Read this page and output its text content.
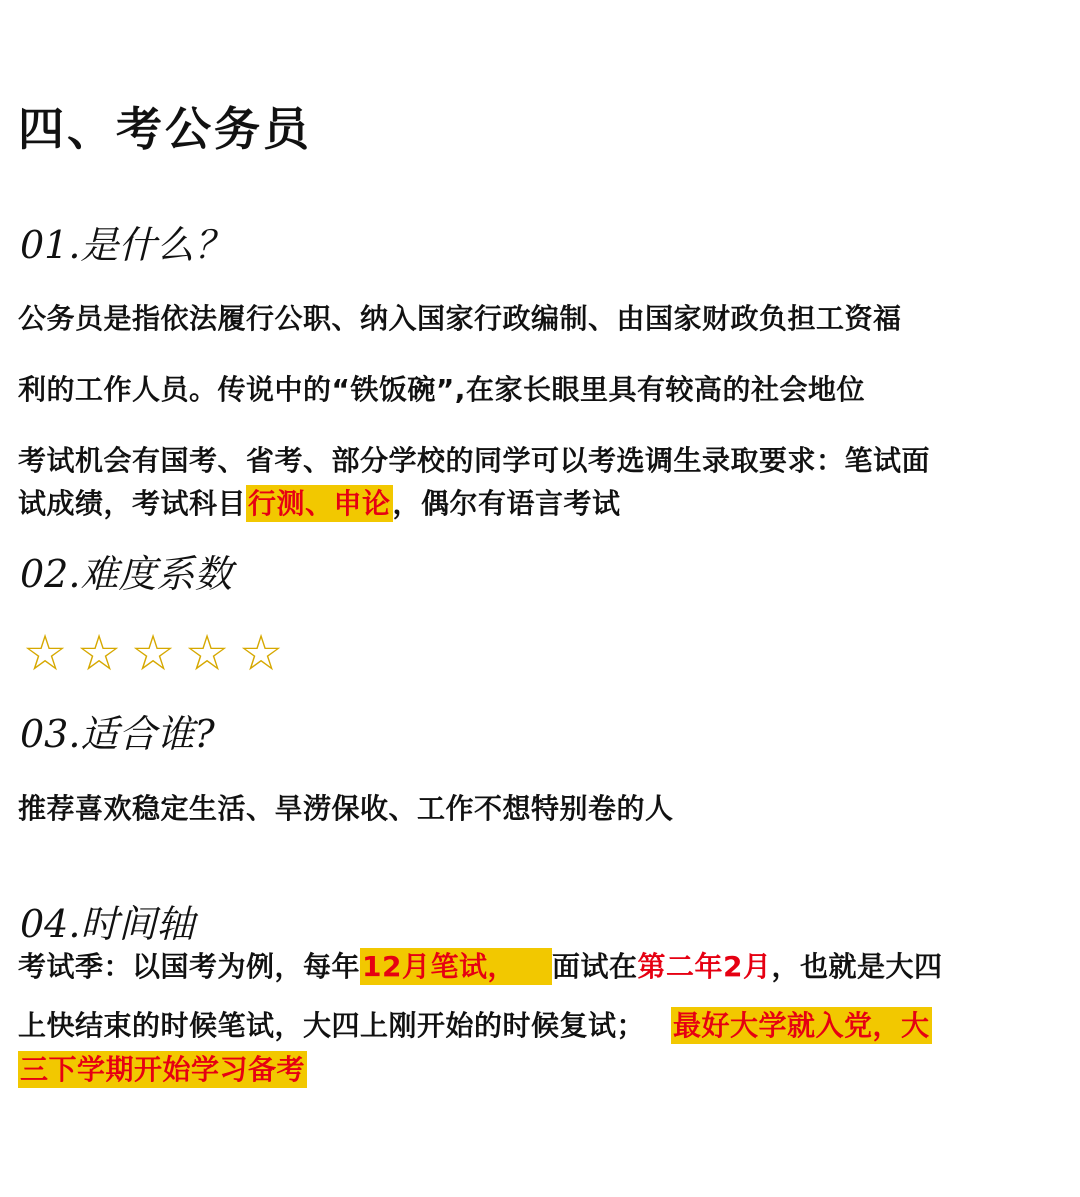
四、考公务员
01.是什么？
公务员是指依法履行公职、纳入国家行政编制、由国家财政负担工资福
利的工作人员。传说中的“铁饭碗”,在家长眼里具有较高的社会地位
考试机会有国考、省考、部分学校的同学可以考选调生录取要求：笔试面
试成绩，考试科目行测、申论，偶尔有语言考试
02.难度系数
☆ ☆ ☆ ☆ ☆
03.适合谁?
推荐喜欢稳定生活、旱涝保收、工作不想特别卷的人
04.时间轴
考试季：以国考为例，每年12月笔试， 面试在第二年2月，也就是大四
上快结束的时候笔试，大四上刚开始的时候复试； 最好大学就入党，大
三下学期开始学习备考
